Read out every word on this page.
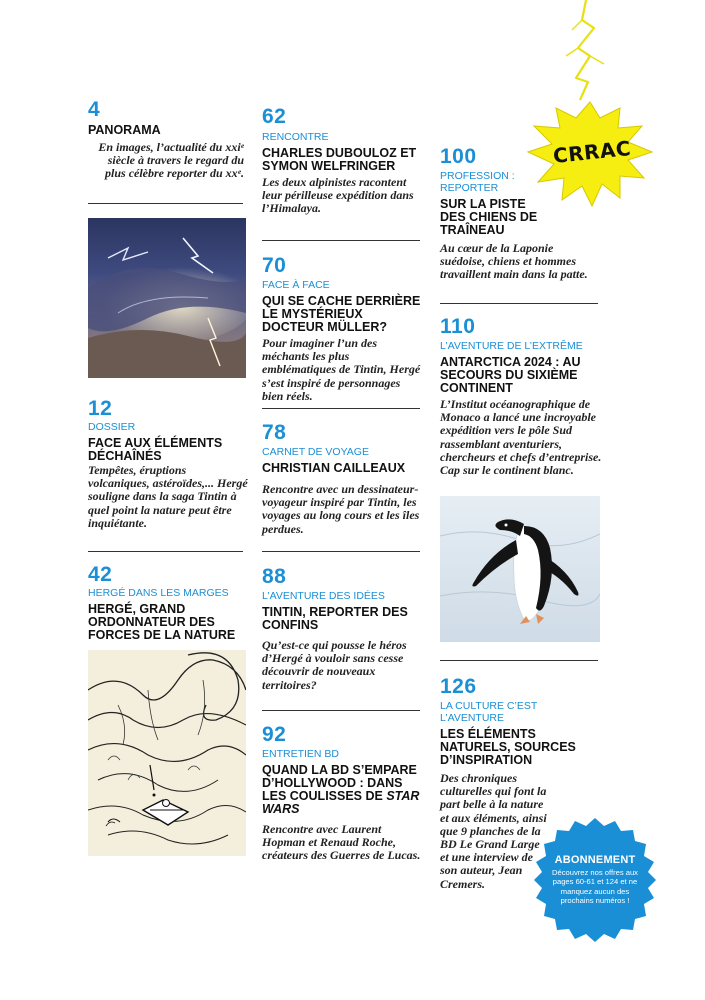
4
PANORAMA
En images, l’actualité du xxiᵉ siècle à travers le regard du plus célèbre reporter du xxᵉ.
12
DOSSIER
FACE AUX ÉLÉMENTS DÉCHAÎNÉS
Tempêtes, éruptions volcaniques, astéroïdes,... Hergé souligne dans la saga Tintin à quel point la nature peut être inquiétante.
42
HERGÉ DANS LES MARGES
HERGÉ, GRAND ORDONNATEUR DES FORCES DE LA NATURE
62
RENCONTRE
CHARLES DUBOULOZ ET SYMON WELFRINGER
Les deux alpinistes racontent leur périlleuse expédition dans l’Himalaya.
70
FACE À FACE
QUI SE CACHE DERRIÈRE LE MYSTÉRIEUX DOCTEUR MÜLLER?
Pour imaginer l’un des méchants les plus emblématiques de Tintin, Hergé s’est inspiré de personnages bien réels.
78
CARNET DE VOYAGE
CHRISTIAN CAILLEAUX
Rencontre avec un dessinateur-voyageur inspiré par Tintin, les voyages au long cours et les îles perdues.
88
L’AVENTURE DES IDÉES
TINTIN, REPORTER DES CONFINS
Qu’est-ce qui pousse le héros d’Hergé à vouloir sans cesse découvrir de nouveaux territoires?
92
ENTRETIEN BD
QUAND LA BD S’EMPARE D’HOLLYWOOD : DANS LES COULISSES DE STAR WARS
Rencontre avec Laurent Hopman et Renaud Roche, créateurs des Guerres de Lucas.
CRRAC
100
PROFESSION : REPORTER
SUR LA PISTE DES CHIENS DE TRAÎNEAU
Au cœur de la Laponie suédoise, chiens et hommes travaillent main dans la patte.
110
L’AVENTURE DE L’EXTRÊME
ANTARCTICA 2024 : AU SECOURS DU SIXIÈME CONTINENT
L’Institut océanographique de Monaco a lancé une incroyable expédition vers le pôle Sud rassemblant aventuriers, chercheurs et chefs d’entreprise. Cap sur le continent blanc.
126
LA CULTURE C’EST L’AVENTURE
LES ÉLÉMENTS NATURELS, SOURCES D’INSPIRATION
Des chroniques culturelles qui font la part belle à la nature et aux éléments, ainsi que 9 planches de la BD Le Grand Large et une interview de son auteur, Jean Cremers.
ABONNEMENT
Découvrez nos offres aux pages 60-61 et 124 et ne manquez aucun des prochains numéros !
